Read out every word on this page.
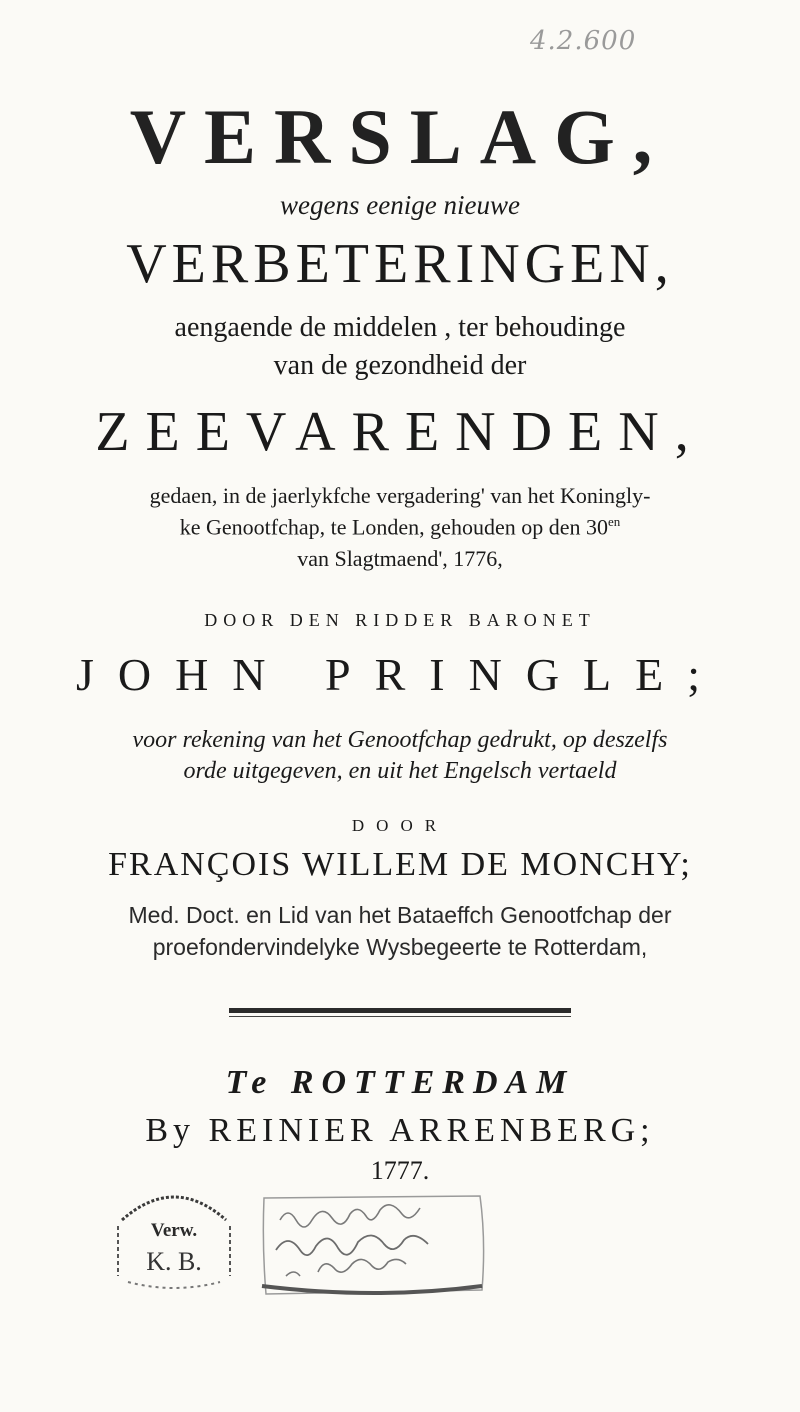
4.2.600
VERSLAG,
wegens eenige nieuwe
VERBETERINGEN,
aengaende de middelen , ter behoudinge
van de gezondheid der
ZEEVARENDEN,
gedaen, in de jaerlykfche vergadering' van het Koningly-
ke Genootfchap, te Londen, gehouden op den $30^{en}$
van Slagtmaend', 1776,
DOOR DEN RIDDER BARONET
JOHN PRINGLE;
voor rekening van het Genootfchap gedrukt, op deszelfs
orde uitgegeven, en uit het Engelsch vertaeld
DOOR
FRANÇOIS WILLEM DE MONCHY;
Med. Doct. en Lid van het Bataeffch Genootfchap der
proefondervindelyke Wysbegeerte te Rotterdam,
Te ROTTERDAM
By REINIER ARRENBERG;
1777.
Verw.
K. B.
